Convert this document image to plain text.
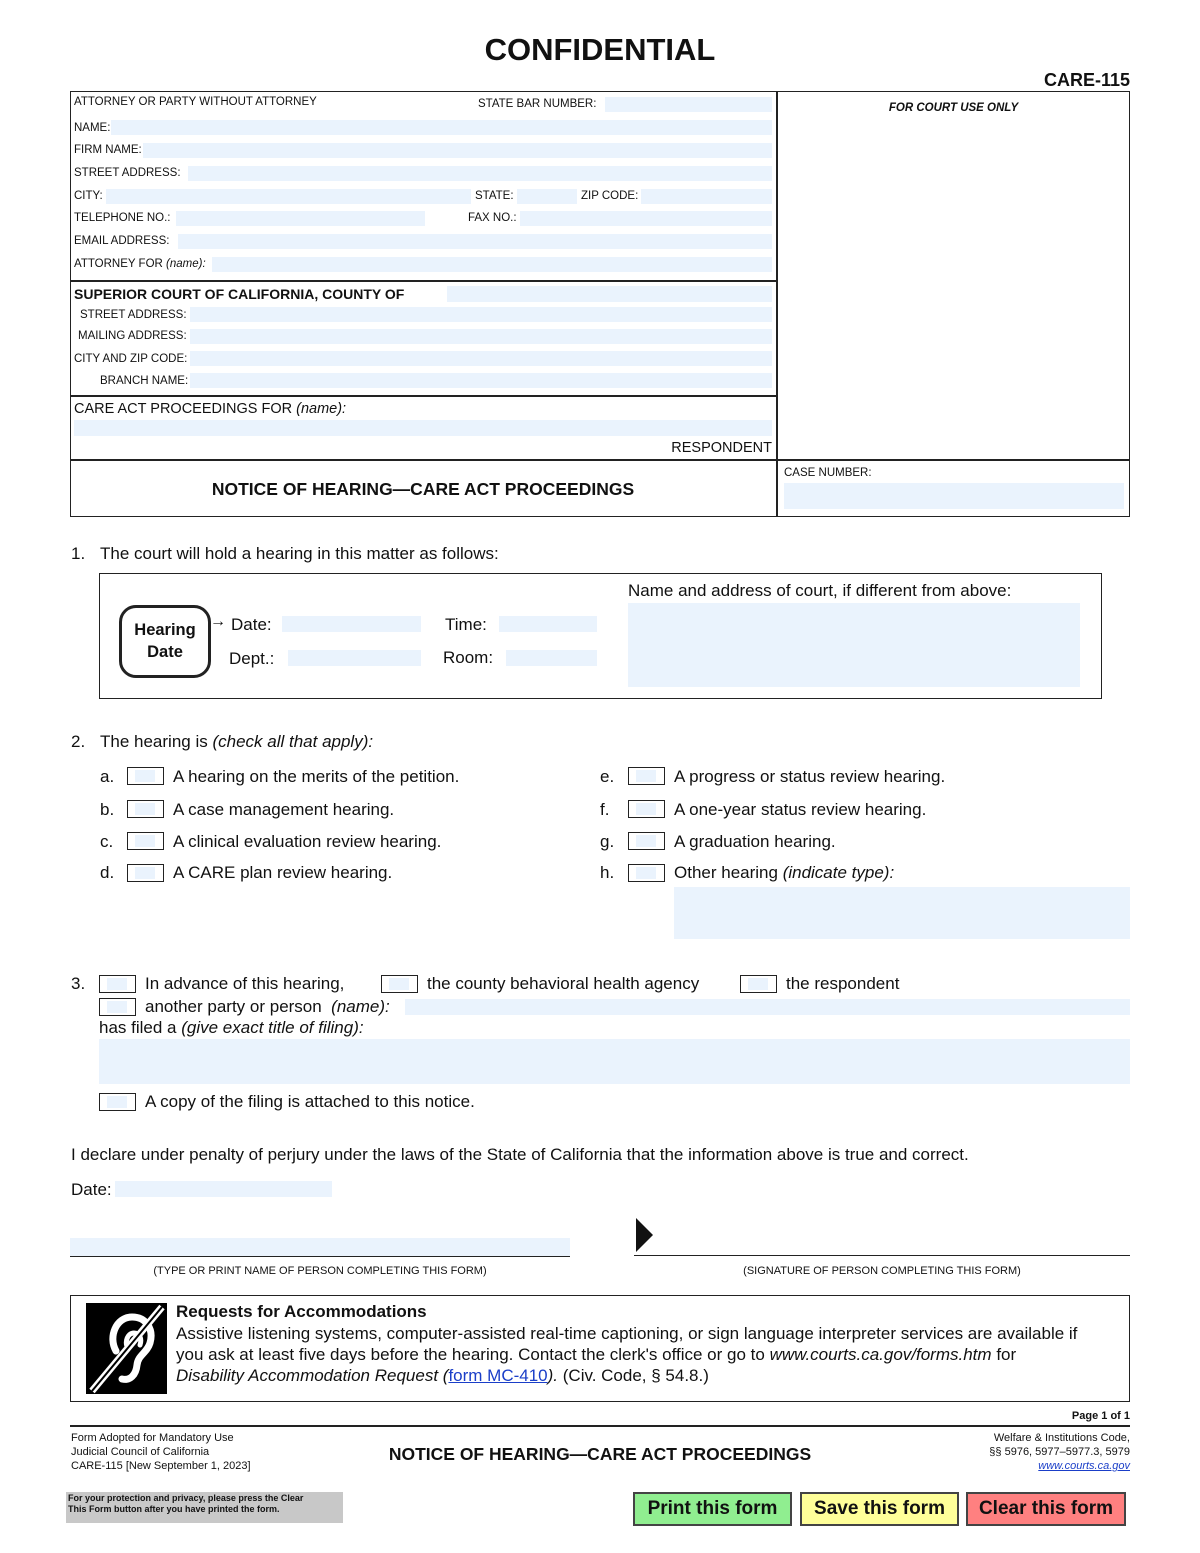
CONFIDENTIAL
CARE-115
ATTORNEY OR PARTY WITHOUT ATTORNEY	STATE BAR NUMBER:
NAME:
FIRM NAME:
STREET ADDRESS:
CITY:	STATE:	ZIP CODE:
TELEPHONE NO.:	FAX NO.:
EMAIL ADDRESS:
ATTORNEY FOR (name):
SUPERIOR COURT OF CALIFORNIA, COUNTY OF
STREET ADDRESS:
MAILING ADDRESS:
CITY AND ZIP CODE:
BRANCH NAME:
CARE ACT PROCEEDINGS FOR (name):
RESPONDENT
FOR COURT USE ONLY
NOTICE OF HEARING—CARE ACT PROCEEDINGS
CASE NUMBER:
1. The court will hold a hearing in this matter as follows:
Hearing
Date
→ Date:	Time:
Dept.:	Room:
Name and address of court, if different from above:
2. The hearing is (check all that apply):
a.	A hearing on the merits of the petition.
b.	A case management hearing.
c.	A clinical evaluation review hearing.
d.	A CARE plan review hearing.
e.	A progress or status review hearing.
f.	A one-year status review hearing.
g.	A graduation hearing.
h.	Other hearing (indicate type):
3.	In advance of this hearing,	the county behavioral health agency	the respondent
another party or person (name):
has filed a (give exact title of filing):
A copy of the filing is attached to this notice.
I declare under penalty of perjury under the laws of the State of California that the information above is true and correct.
Date:
(TYPE OR PRINT NAME OF PERSON COMPLETING THIS FORM)	(SIGNATURE OF PERSON COMPLETING THIS FORM)
Requests for Accommodations
Assistive listening systems, computer-assisted real-time captioning, or sign language interpreter services are available if
you ask at least five days before the hearing. Contact the clerk's office or go to www.courts.ca.gov/forms.htm for
Disability Accommodation Request (form MC-410). (Civ. Code, § 54.8.)
Page 1 of 1
Form Adopted for Mandatory Use
Judicial Council of California
CARE-115 [New September 1, 2023]
NOTICE OF HEARING—CARE ACT PROCEEDINGS
Welfare & Institutions Code,
§§ 5976, 5977–5977.3, 5979
www.courts.ca.gov
For your protection and privacy, please press the Clear
This Form button after you have printed the form.	Print this form	Save this form	Clear this form
